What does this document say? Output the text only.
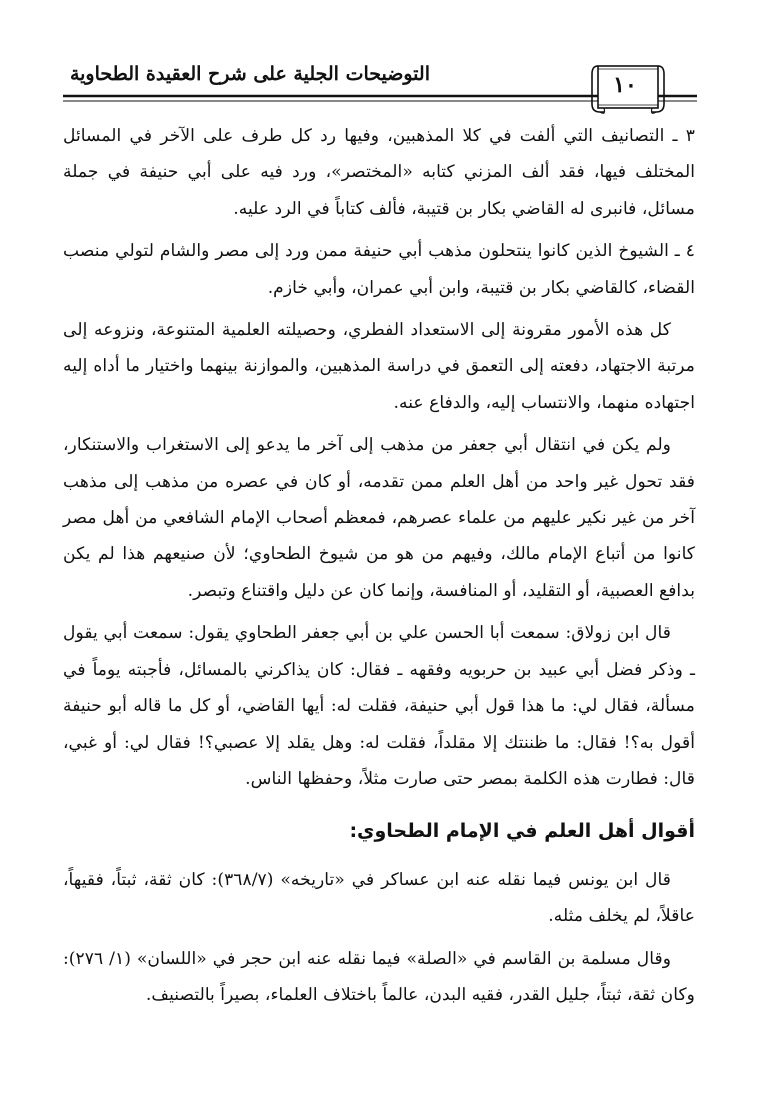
التوضيحات الجلية على شرح العقيدة الطحاوية	١٠

٣ ـ التصانيف التي ألفت في كلا المذهبين، وفيها رد كل طرف على الآخر في المسائل المختلف فيها، فقد ألف المزني كتابه «المختصر»، ورد فيه على أبي حنيفة في جملة مسائل، فانبرى له القاضي بكار بن قتيبة، فألف كتاباً في الرد عليه.

٤ ـ الشيوخ الذين كانوا ينتحلون مذهب أبي حنيفة ممن ورد إلى مصر والشام لتولي منصب القضاء، كالقاضي بكار بن قتيبة، وابن أبي عمران، وأبي خازم.

كل هذه الأمور مقرونة إلى الاستعداد الفطري، وحصيلته العلمية المتنوعة، ونزوعه إلى مرتبة الاجتهاد، دفعته إلى التعمق في دراسة المذهبين، والموازنة بينهما واختيار ما أداه إليه اجتهاده منهما، والانتساب إليه، والدفاع عنه.

ولم يكن في انتقال أبي جعفر من مذهب إلى آخر ما يدعو إلى الاستغراب والاستنكار، فقد تحول غير واحد من أهل العلم ممن تقدمه، أو كان في عصره من مذهب إلى مذهب آخر من غير نكير عليهم من علماء عصرهم، فمعظم أصحاب الإمام الشافعي من أهل مصر كانوا من أتباع الإمام مالك، وفيهم من هو من شيوخ الطحاوي؛ لأن صنيعهم هذا لم يكن بدافع العصبية، أو التقليد، أو المنافسة، وإنما كان عن دليل واقتناع وتبصر.

قال ابن زولاق: سمعت أبا الحسن علي بن أبي جعفر الطحاوي يقول: سمعت أبي يقول ـ وذكر فضل أبي عبيد بن حربويه وفقهه ـ فقال: كان يذاكرني بالمسائل، فأجبته يوماً في مسألة، فقال لي: ما هذا قول أبي حنيفة، فقلت له: أيها القاضي، أو كل ما قاله أبو حنيفة أقول به؟! فقال: ما ظننتك إلا مقلداً، فقلت له: وهل يقلد إلا عصبي؟! فقال لي: أو غبي، قال: فطارت هذه الكلمة بمصر حتى صارت مثلاً، وحفظها الناس.

أقوال أهل العلم في الإمام الطحاوي:

قال ابن يونس فيما نقله عنه ابن عساكر في «تاريخه» (٣٦٨/٧): كان ثقة، ثبتاً، فقيهاً، عاقلاً، لم يخلف مثله.

وقال مسلمة بن القاسم في «الصلة» فيما نقله عنه ابن حجر في «اللسان» (١/ ٢٧٦): وكان ثقة، ثبتاً، جليل القدر، فقيه البدن، عالماً باختلاف العلماء، بصيراً بالتصنيف.
